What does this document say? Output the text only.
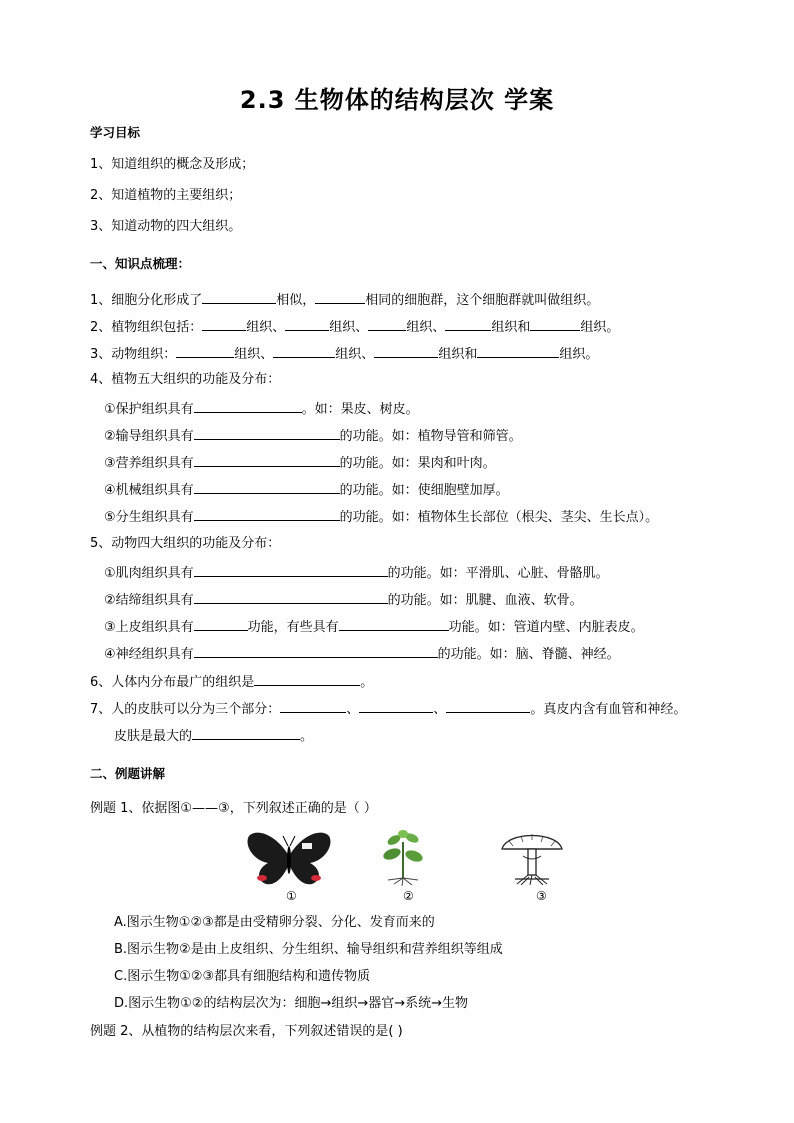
2.3 生物体的结构层次 学案
学习目标
1、知道组织的概念及形成；
2、知道植物的主要组织；
3、知道动物的四大组织。
一、知识点梳理：
1、细胞分化形成了	相似，	相同的细胞群，这个细胞群就叫做组织。
2、植物组织包括：	组织、	组织、	组织、	组织和	组织。
3、动物组织：	组织、	组织、	组织和	组织。
4、植物五大组织的功能及分布：
①保护组织具有	。如：果皮、树皮。
②输导组织具有	的功能。如：植物导管和筛管。
③营养组织具有	的功能。如：果肉和叶肉。
④机械组织具有	的功能。如：使细胞壁加厚。
⑤分生组织具有	的功能。如：植物体生长部位（根尖、茎尖、生长点）。
5、动物四大组织的功能及分布：
①肌肉组织具有	的功能。如：平滑肌、心脏、骨骼肌。
②结缔组织具有	的功能。如：肌腱、血液、软骨。
③上皮组织具有	功能，有些具有	功能。如：管道内壁、内脏表皮。
④神经组织具有	的功能。如：脑、脊髓、神经。
6、人体内分布最广的组织是	。
7、人的皮肤可以分为三个部分：	、	、	。真皮内含有血管和神经。
皮肤是最大的	。
二、例题讲解
例题 1、依据图①——③，下列叙述正确的是（ ）
①	②	③
A.图示生物①②③都是由受精卵分裂、分化、发育而来的
B.图示生物②是由上皮组织、分生组织、输导组织和营养组织等组成
C.图示生物①②③都具有细胞结构和遗传物质
D.图示生物①②的结构层次为：细胞→组织→器官→系统→生物
例题 2、从植物的结构层次来看，下列叙述错误的是( )
